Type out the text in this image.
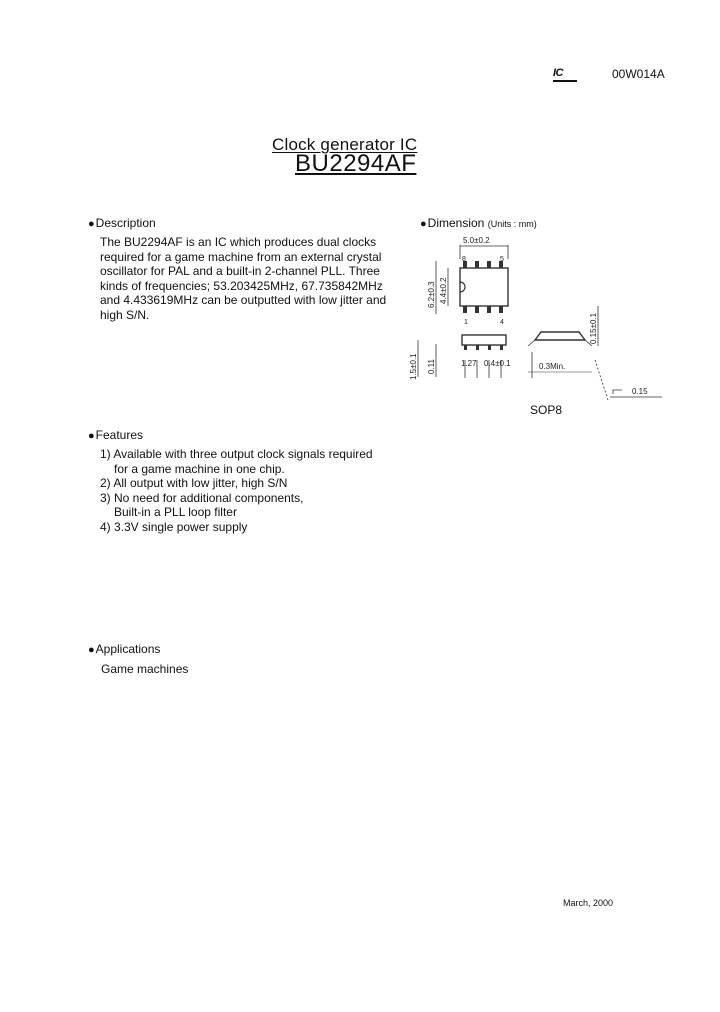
IC	00W014A
Clock generator IC
BU2294AF
●Description
The BU2294AF is an IC which produces dual clocks
required for a game machine from an external crystal
oscillator for PAL and a built-in 2-channel PLL. Three
kinds of frequencies; 53.203425MHz, 67.735842MHz
and 4.433619MHz can be outputted with low jitter and
high S/N.
●Dimension (Units : mm)
5.0±0.2
8	5
1	4
6.2±0.3 4.4±0.2
1.5±0.1 0.11	1.27 0.4±0.1
0.15±0.1
0.3Min.
0.15
SOP8
●Features
1) Available with three output clock signals required
for a game machine in one chip.
2) All output with low jitter, high S/N
3) No need for additional components,
Built-in a PLL loop filter
4) 3.3V single power supply
●Applications
Game machines
March, 2000
